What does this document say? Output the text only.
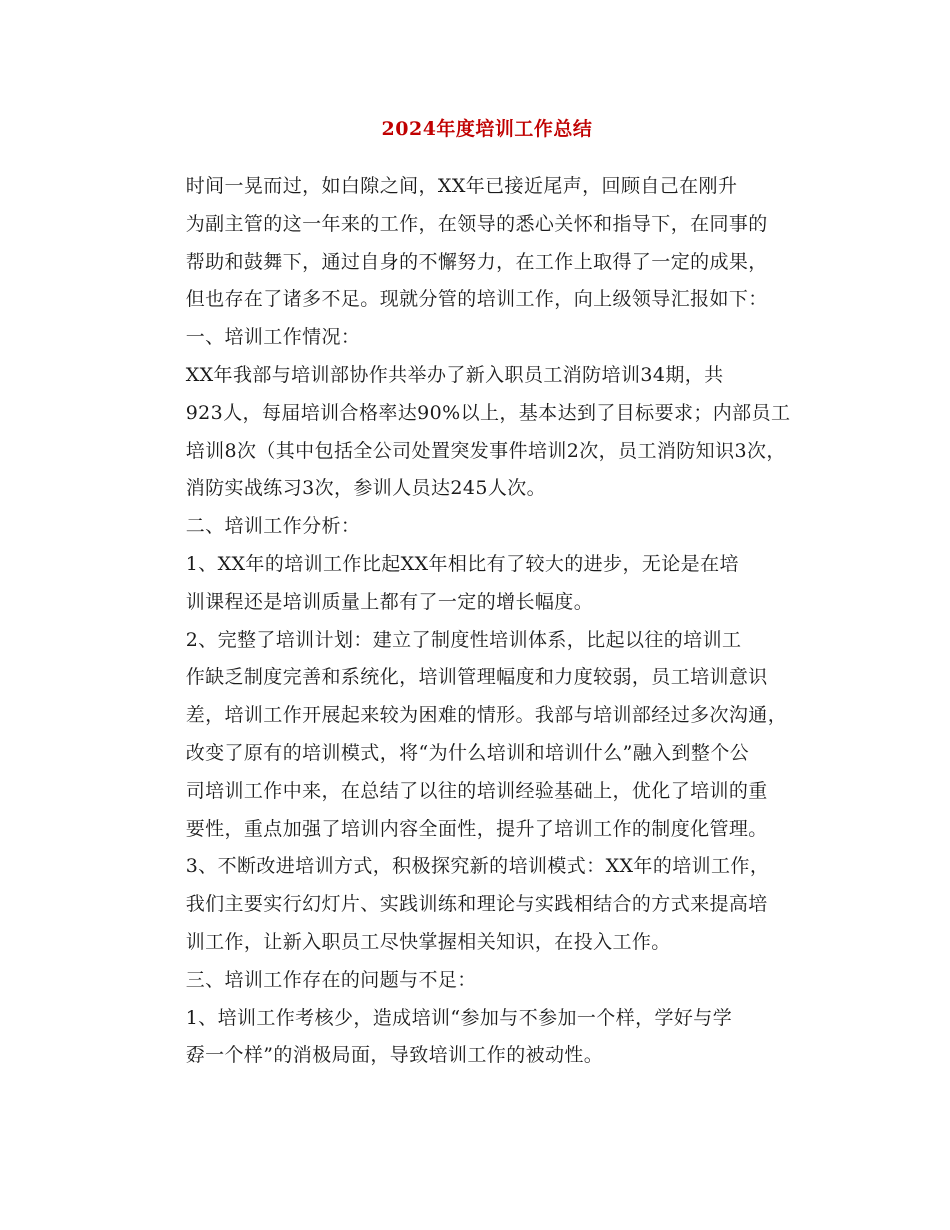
2024年度培训工作总结

时间一晃而过，如白隙之间，XX年已接近尾声，回顾自己在刚升
为副主管的这一年来的工作，在领导的悉心关怀和指导下，在同事的
帮助和鼓舞下，通过自身的不懈努力，在工作上取得了一定的成果，
但也存在了诸多不足。现就分管的培训工作，向上级领导汇报如下：

一、培训工作情况：

XX年我部与培训部协作共举办了新入职员工消防培训34期，共
923人，每届培训合格率达90%以上，基本达到了目标要求；内部员工
培训8次（其中包括全公司处置突发事件培训2次，员工消防知识3次，
消防实战练习3次，参训人员达245人次。

二、培训工作分析：

1、XX年的培训工作比起XX年相比有了较大的进步，无论是在培
训课程还是培训质量上都有了一定的增长幅度。

2、完整了培训计划：建立了制度性培训体系，比起以往的培训工
作缺乏制度完善和系统化，培训管理幅度和力度较弱，员工培训意识
差，培训工作开展起来较为困难的情形。我部与培训部经过多次沟通，
改变了原有的培训模式，将“为什么培训和培训什么”融入到整个公
司培训工作中来，在总结了以往的培训经验基础上，优化了培训的重
要性，重点加强了培训内容全面性，提升了培训工作的制度化管理。

3、不断改进培训方式，积极探究新的培训模式：XX年的培训工作，
我们主要实行幻灯片、实践训练和理论与实践相结合的方式来提高培
训工作，让新入职员工尽快掌握相关知识，在投入工作。

三、培训工作存在的问题与不足：

1、培训工作考核少，造成培训“参加与不参加一个样，学好与学
孬一个样”的消极局面，导致培训工作的被动性。
